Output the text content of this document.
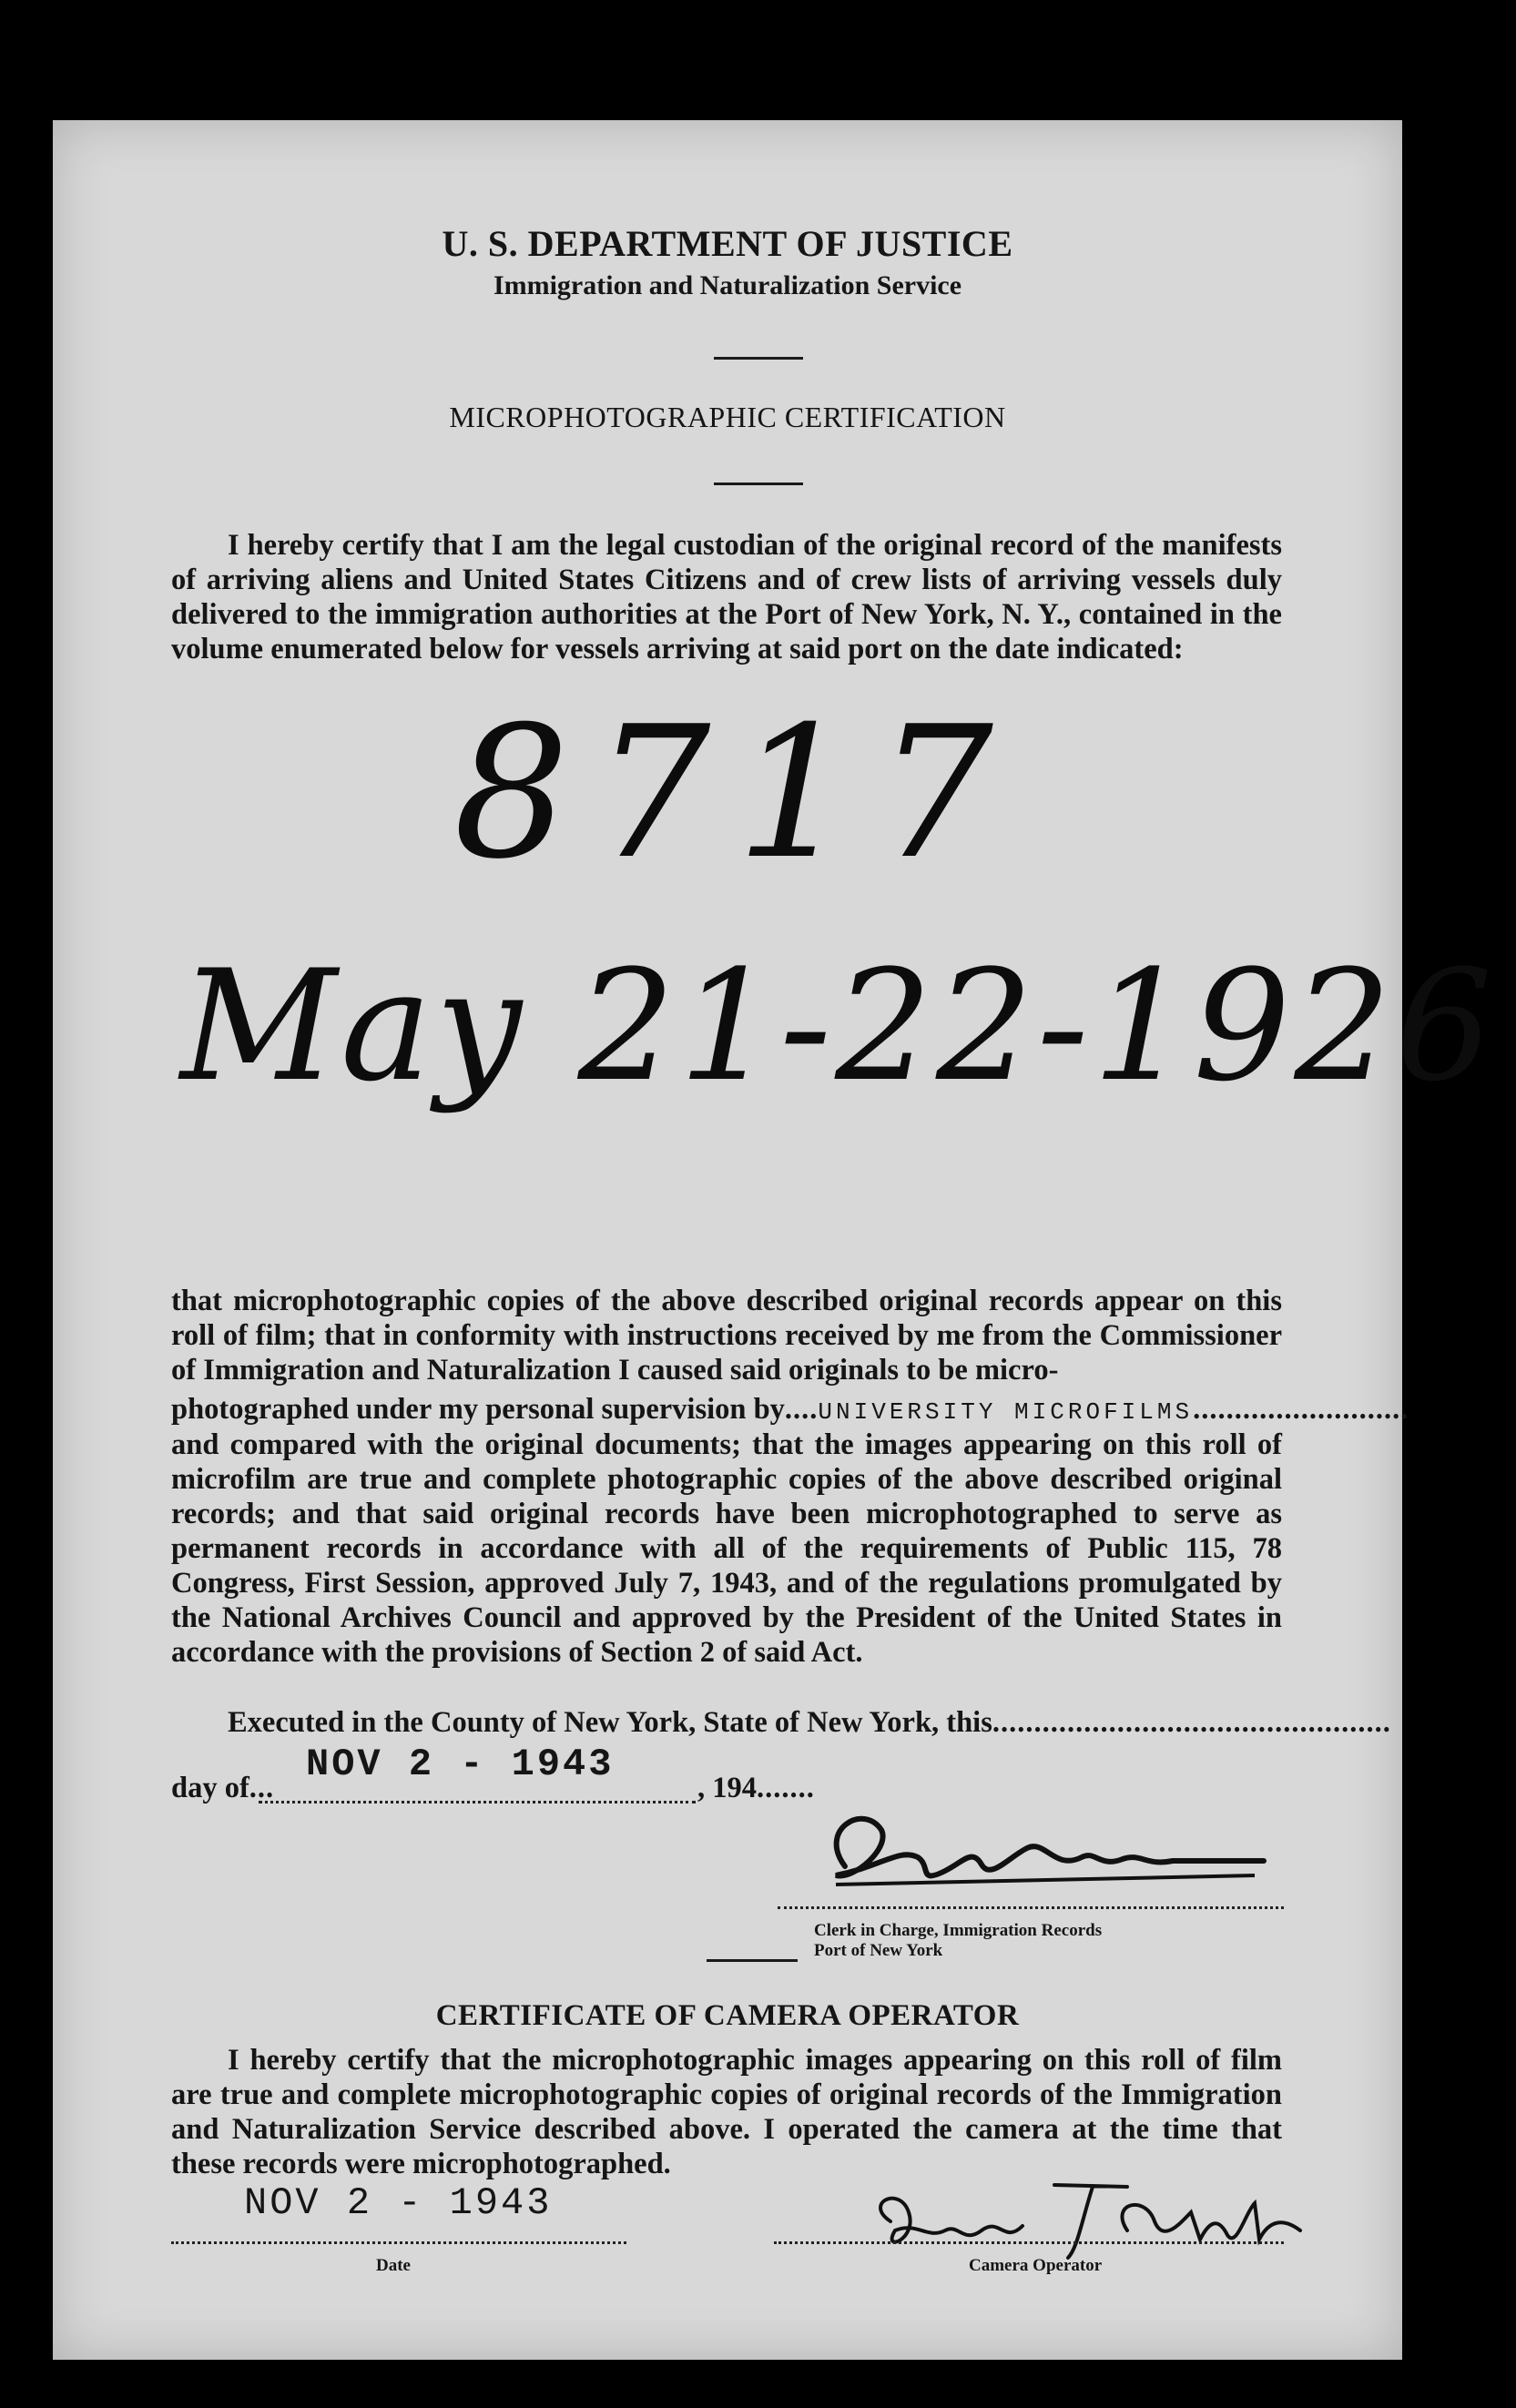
U. S. DEPARTMENT OF JUSTICE
Immigration and Naturalization Service
MICROPHOTOGRAPHIC CERTIFICATION
I hereby certify that I am the legal custodian of the original record of the manifests of arriving aliens and United States Citizens and of crew lists of arriving vessels duly delivered to the immigration authorities at the Port of New York, N. Y., contained in the volume enumerated below for vessels arriving at said port on the date indicated:
8717
May 21-22-1926
that microphotographic copies of the above described original records appear on this roll of film; that in conformity with instructions received by me from the Commissioner of Immigration and Naturalization I caused said originals to be micro-
photographed under my personal supervision by....UNIVERSITY MICROFILMS..........................
and compared with the original documents; that the images appearing on this roll of microfilm are true and complete photographic copies of the above described original records; and that said original records have been microphotographed to serve as permanent records in accordance with all of the requirements of Public 115, 78 Congress, First Session, approved July 7, 1943, and of the regulations promulgated by the National Archives Council and approved by the President of the United States in accordance with the provisions of Section 2 of said Act.
Executed in the County of New York, State of New York, this................................................
day of...
NOV 2 - 1943
, 194.......
Clerk in Charge, Immigration Records
Port of New York
CERTIFICATE OF CAMERA OPERATOR
I hereby certify that the microphotographic images appearing on this roll of film are true and complete microphotographic copies of original records of the Immigration and Naturalization Service described above. I operated the camera at the time that these records were microphotographed.
NOV 2 - 1943
Date	Camera Operator
